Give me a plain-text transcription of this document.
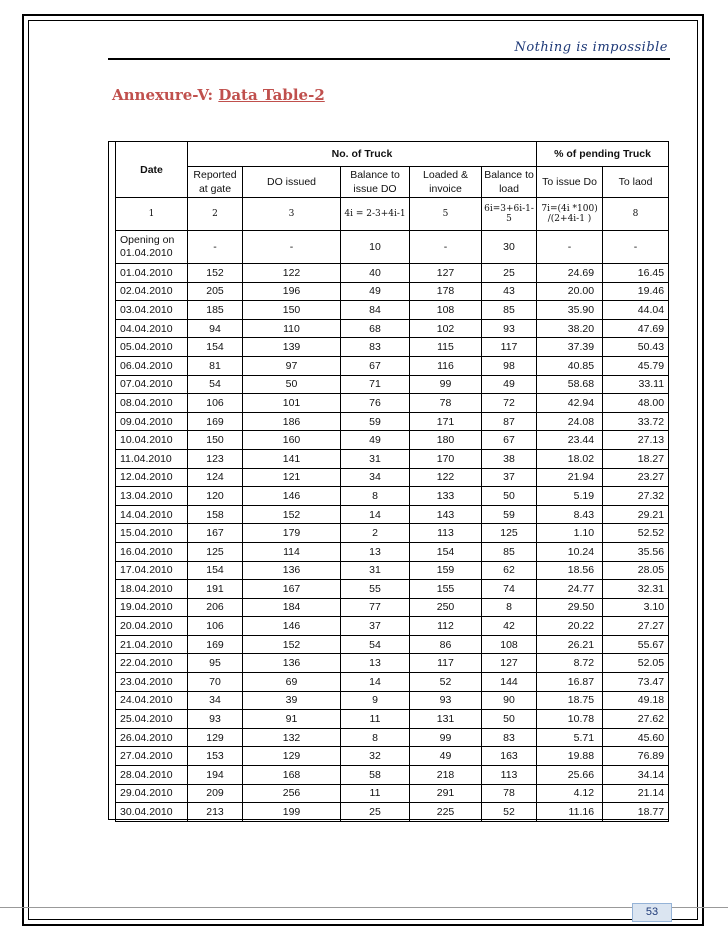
Nothing is impossible
Annexure-V: Data Table-2
Date	No. of Truck					% of pending Truck	
	Reported at gate	DO issued	Balance to issue DO	Loaded & invoice	Balance to load	To issue Do	To laod
1	2	3	4i = 2-3+4i-1	5	6i=3+6i-1-5	7i=(4i *100) /(2+4i-1 )	8
Opening on 01.04.2010	-	-	10	-	30	-	-
01.04.2010	152	122	40	127	25	24.69	16.45
02.04.2010	205	196	49	178	43	20.00	19.46
03.04.2010	185	150	84	108	85	35.90	44.04
04.04.2010	94	110	68	102	93	38.20	47.69
05.04.2010	154	139	83	115	117	37.39	50.43
06.04.2010	81	97	67	116	98	40.85	45.79
07.04.2010	54	50	71	99	49	58.68	33.11
08.04.2010	106	101	76	78	72	42.94	48.00
09.04.2010	169	186	59	171	87	24.08	33.72
10.04.2010	150	160	49	180	67	23.44	27.13
11.04.2010	123	141	31	170	38	18.02	18.27
12.04.2010	124	121	34	122	37	21.94	23.27
13.04.2010	120	146	8	133	50	5.19	27.32
14.04.2010	158	152	14	143	59	8.43	29.21
15.04.2010	167	179	2	113	125	1.10	52.52
16.04.2010	125	114	13	154	85	10.24	35.56
17.04.2010	154	136	31	159	62	18.56	28.05
18.04.2010	191	167	55	155	74	24.77	32.31
19.04.2010	206	184	77	250	8	29.50	3.10
20.04.2010	106	146	37	112	42	20.22	27.27
21.04.2010	169	152	54	86	108	26.21	55.67
22.04.2010	95	136	13	117	127	8.72	52.05
23.04.2010	70	69	14	52	144	16.87	73.47
24.04.2010	34	39	9	93	90	18.75	49.18
25.04.2010	93	91	11	131	50	10.78	27.62
26.04.2010	129	132	8	99	83	5.71	45.60
27.04.2010	153	129	32	49	163	19.88	76.89
28.04.2010	194	168	58	218	113	25.66	34.14
29.04.2010	209	256	11	291	78	4.12	21.14
30.04.2010	213	199	25	225	52	11.16	18.77
53
